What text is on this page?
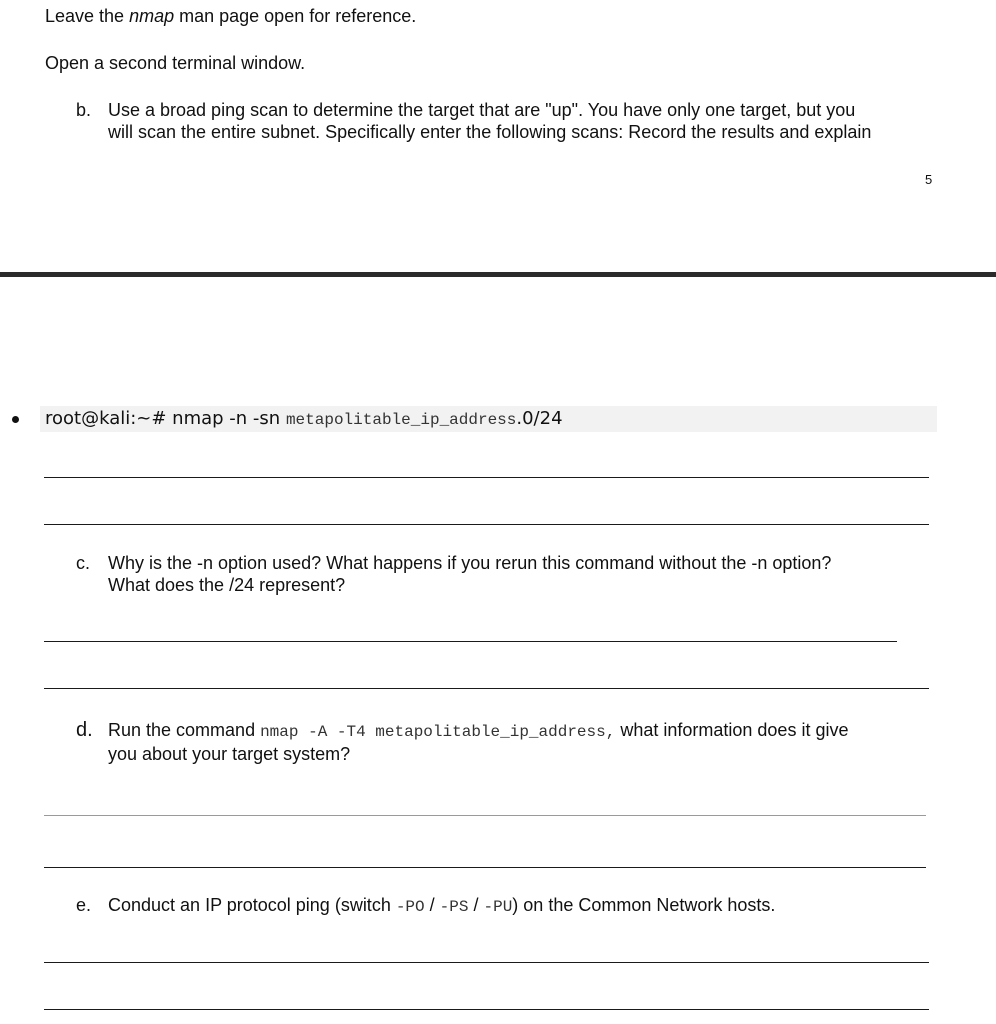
Leave the nmap man page open for reference.
Open a second terminal window.
b. Use a broad ping scan to determine the target that are "up". You have only one target, but you
will scan the entire subnet. Specifically enter the following scans: Record the results and explain
5
root@kali:~# nmap -n -sn metapolitable_ip_address.0/24
c. Why is the -n option used? What happens if you rerun this command without the -n option?
What does the /24 represent?
d. Run the command nmap -A -T4 metapolitable_ip_address, what information does it give
you about your target system?
e. Conduct an IP protocol ping (switch -PO / -PS / -PU) on the Common Network hosts.
